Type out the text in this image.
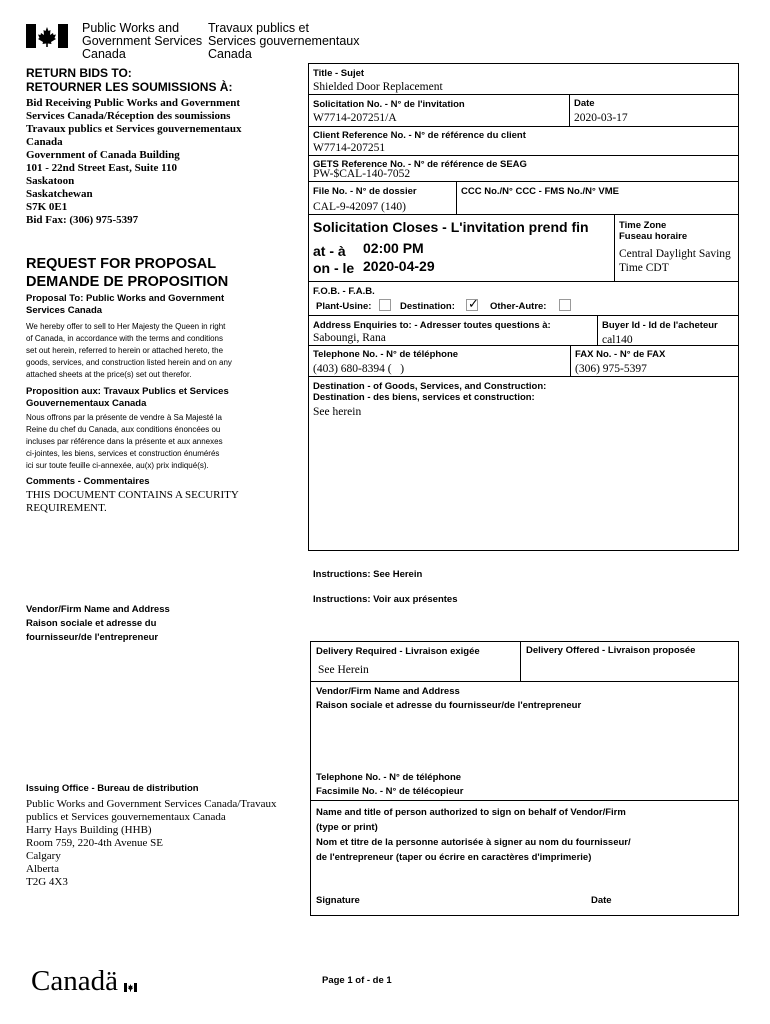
Public Works and
Government Services
Canada
Travaux publics et
Services gouvernementaux
Canada
RETURN BIDS TO:
RETOURNER LES SOUMISSIONS À:
Bid Receiving Public Works and Government
Services Canada/Réception des soumissions
Travaux publics et Services gouvernementaux
Canada
Government of Canada Building
101 - 22nd Street East, Suite 110
Saskatoon
Saskatchewan
S7K 0E1
Bid Fax: (306) 975-5397
REQUEST FOR PROPOSAL
DEMANDE DE PROPOSITION
Proposal To: Public Works and Government
Services Canada
We hereby offer to sell to Her Majesty the Queen in right
of Canada, in accordance with the terms and conditions
set out herein, referred to herein or attached hereto, the
goods, services, and construction listed herein and on any
attached sheets at the price(s) set out therefor.
Proposition aux: Travaux Publics et Services
Gouvernementaux Canada
Nous offrons par la présente de vendre à Sa Majesté la
Reine du chef du Canada, aux conditions énoncées ou
incluses par référence dans la présente et aux annexes
ci-jointes, les biens, services et construction énumérés
ici sur toute feuille ci-annexée, au(x) prix indiqué(s).
Comments - Commentaires
THIS DOCUMENT CONTAINS A SECURITY
REQUIREMENT.
Vendor/Firm Name and Address
Raison sociale et adresse du
fournisseur/de l'entrepreneur
Issuing Office - Bureau de distribution
Public Works and Government Services Canada/Travaux
publics et Services gouvernementaux Canada
Harry Hays Building (HHB)
Room 759, 220-4th Avenue SE
Calgary
Alberta
T2G 4X3
Title - Sujet
Shielded Door Replacement
Solicitation No. - N° de l'invitation
W7714-207251/A
Date
2020-03-17
Client Reference No. - N° de référence du client
W7714-207251
GETS Reference No. - N° de référence de SEAG
PW-$CAL-140-7052
File No. - N° de dossier
CAL-9-42097 (140)
CCC No./N° CCC - FMS No./N° VME
Solicitation Closes - L'invitation prend fin
at - à 02:00 PM
on - le 2020-04-29
Time Zone
Fuseau horaire
Central Daylight Saving
Time CDT
F.O.B. - F.A.B.
Plant-Usine:	Destination: ✓ Other-Autre:
Address Enquiries to: - Adresser toutes questions à:
Saboungi, Rana
Buyer Id - Id de l'acheteur
cal140
Telephone No. - N° de téléphone
(403) 680-8394 (   )
FAX No. - N° de FAX
(306) 975-5397
Destination - of Goods, Services, and Construction:
Destination - des biens, services et construction:
See herein
Instructions: See Herein
Instructions: Voir aux présentes
Delivery Required - Livraison exigée
See Herein
Delivery Offered - Livraison proposée
Vendor/Firm Name and Address
Raison sociale et adresse du fournisseur/de l'entrepreneur
Telephone No. - N° de téléphone
Facsimile No. - N° de télécopieur
Name and title of person authorized to sign on behalf of Vendor/Firm
(type or print)
Nom et titre de la personne autorisée à signer au nom du fournisseur/
de l'entrepreneur (taper ou écrire en caractères d'imprimerie)
Signature	Date
Canadä	Page 1 of - de 1
